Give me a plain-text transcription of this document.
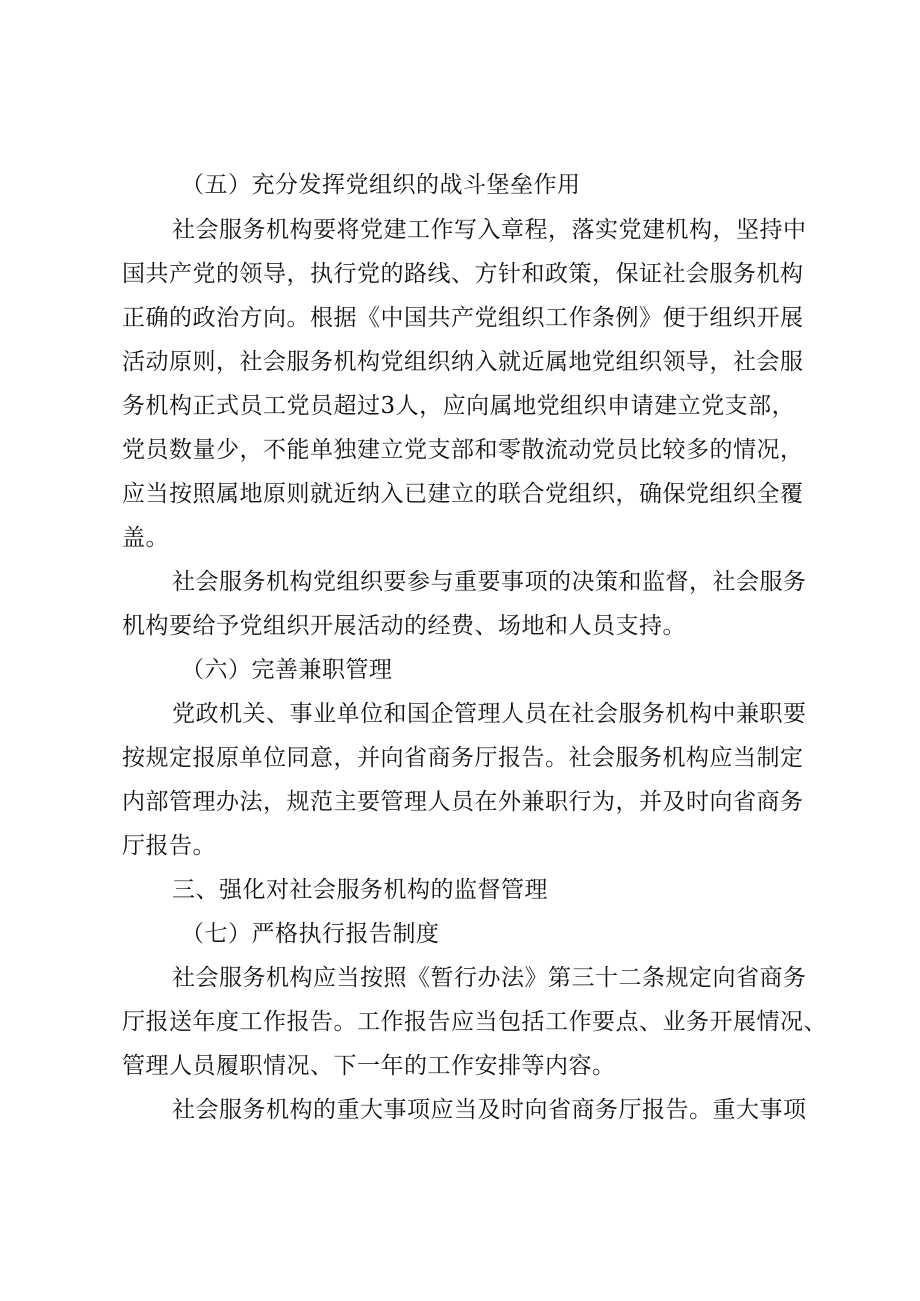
（五）充分发挥党组织的战斗堡垒作用
社会服务机构要将党建工作写入章程，落实党建机构，坚持中
国共产党的领导，执行党的路线、方针和政策，保证社会服务机构
正确的政治方向。根据《中国共产党组织工作条例》便于组织开展
活动原则，社会服务机构党组织纳入就近属地党组织领导，社会服
务机构正式员工党员超过3人，应向属地党组织申请建立党支部，
党员数量少，不能单独建立党支部和零散流动党员比较多的情况，
应当按照属地原则就近纳入已建立的联合党组织，确保党组织全覆
盖。
社会服务机构党组织要参与重要事项的决策和监督，社会服务
机构要给予党组织开展活动的经费、场地和人员支持。
（六）完善兼职管理
党政机关、事业单位和国企管理人员在社会服务机构中兼职要
按规定报原单位同意，并向省商务厅报告。社会服务机构应当制定
内部管理办法，规范主要管理人员在外兼职行为，并及时向省商务
厅报告。
三、强化对社会服务机构的监督管理
（七）严格执行报告制度
社会服务机构应当按照《暂行办法》第三十二条规定向省商务
厅报送年度工作报告。工作报告应当包括工作要点、业务开展情况、
管理人员履职情况、下一年的工作安排等内容。
社会服务机构的重大事项应当及时向省商务厅报告。重大事项
